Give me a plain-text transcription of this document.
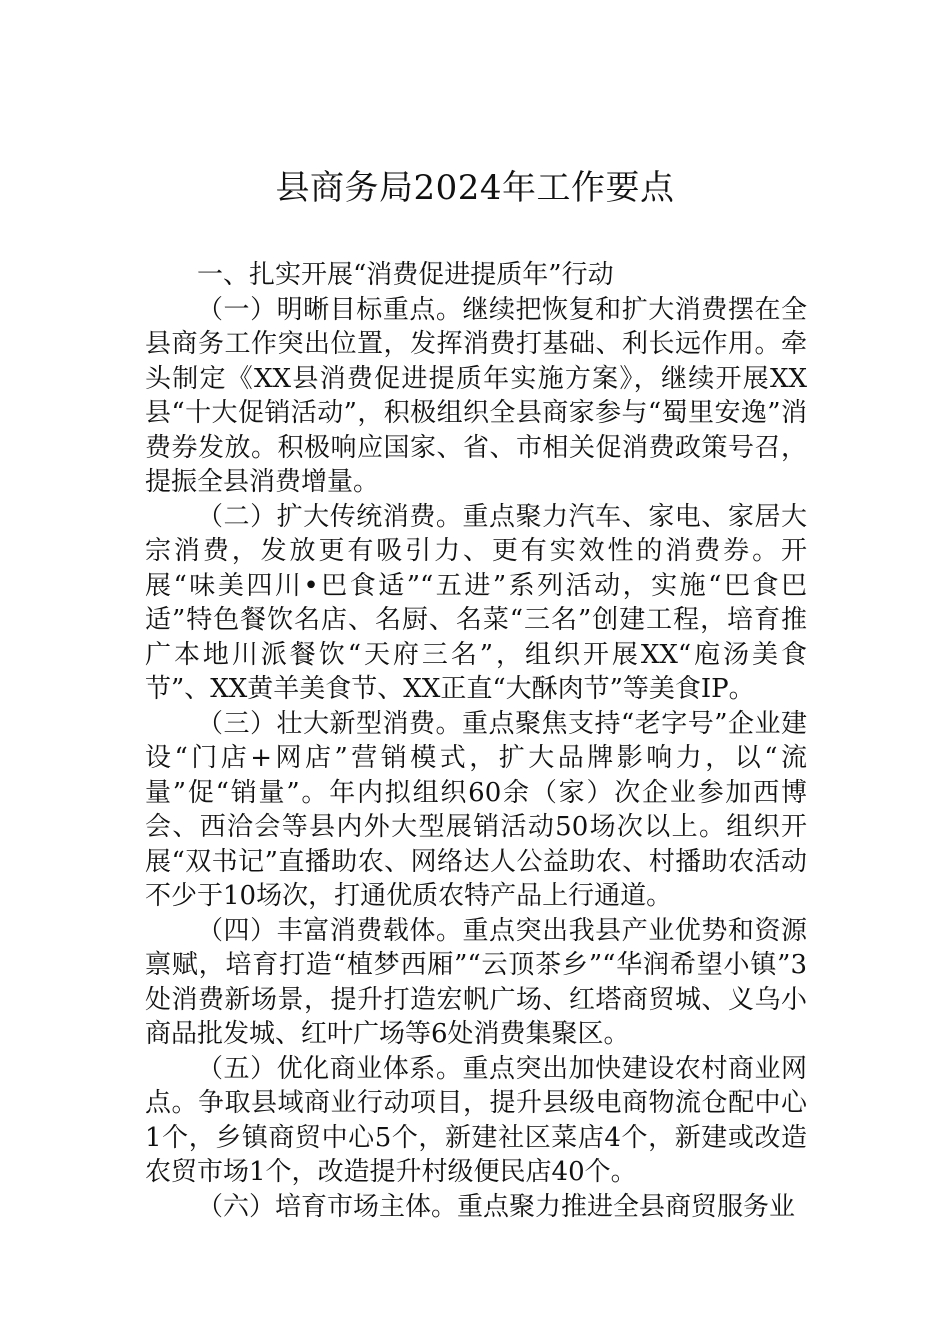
县商务局2024年工作要点

一、扎实开展“消费促进提质年”行动

（一）明晰目标重点。继续把恢复和扩大消费摆在全县商务工作突出位置，发挥消费打基础、利长远作用。牵头制定《XX县消费促进提质年实施方案》，继续开展XX县“十大促销活动”，积极组织全县商家参与“蜀里安逸”消费券发放。积极响应国家、省、市相关促消费政策号召，提振全县消费增量。

（二）扩大传统消费。重点聚力汽车、家电、家居大宗消费，发放更有吸引力、更有实效性的消费券。开展“味美四川•巴食适”“五进”系列活动，实施“巴食巴适”特色餐饮名店、名厨、名菜“三名”创建工程，培育推广本地川派餐饮“天府三名”，组织开展XX“庖汤美食节”、XX黄羊美食节、XX正直“大酥肉节”等美食IP。

（三）壮大新型消费。重点聚焦支持“老字号”企业建设“门店+网店”营销模式，扩大品牌影响力，以“流量”促“销量”。年内拟组织60余（家）次企业参加西博会、西洽会等县内外大型展销活动50场次以上。组织开展“双书记”直播助农、网络达人公益助农、村播助农活动不少于10场次，打通优质农特产品上行通道。

（四）丰富消费载体。重点突出我县产业优势和资源禀赋，培育打造“植梦西厢”“云顶茶乡”“华润希望小镇”3处消费新场景，提升打造宏帆广场、红塔商贸城、义乌小商品批发城、红叶广场等6处消费集聚区。

（五）优化商业体系。重点突出加快建设农村商业网点。争取县域商业行动项目，提升县级电商物流仓配中心1个，乡镇商贸中心5个，新建社区菜店4个，新建或改造农贸市场1个，改造提升村级便民店40个。

（六）培育市场主体。重点聚力推进全县商贸服务业
